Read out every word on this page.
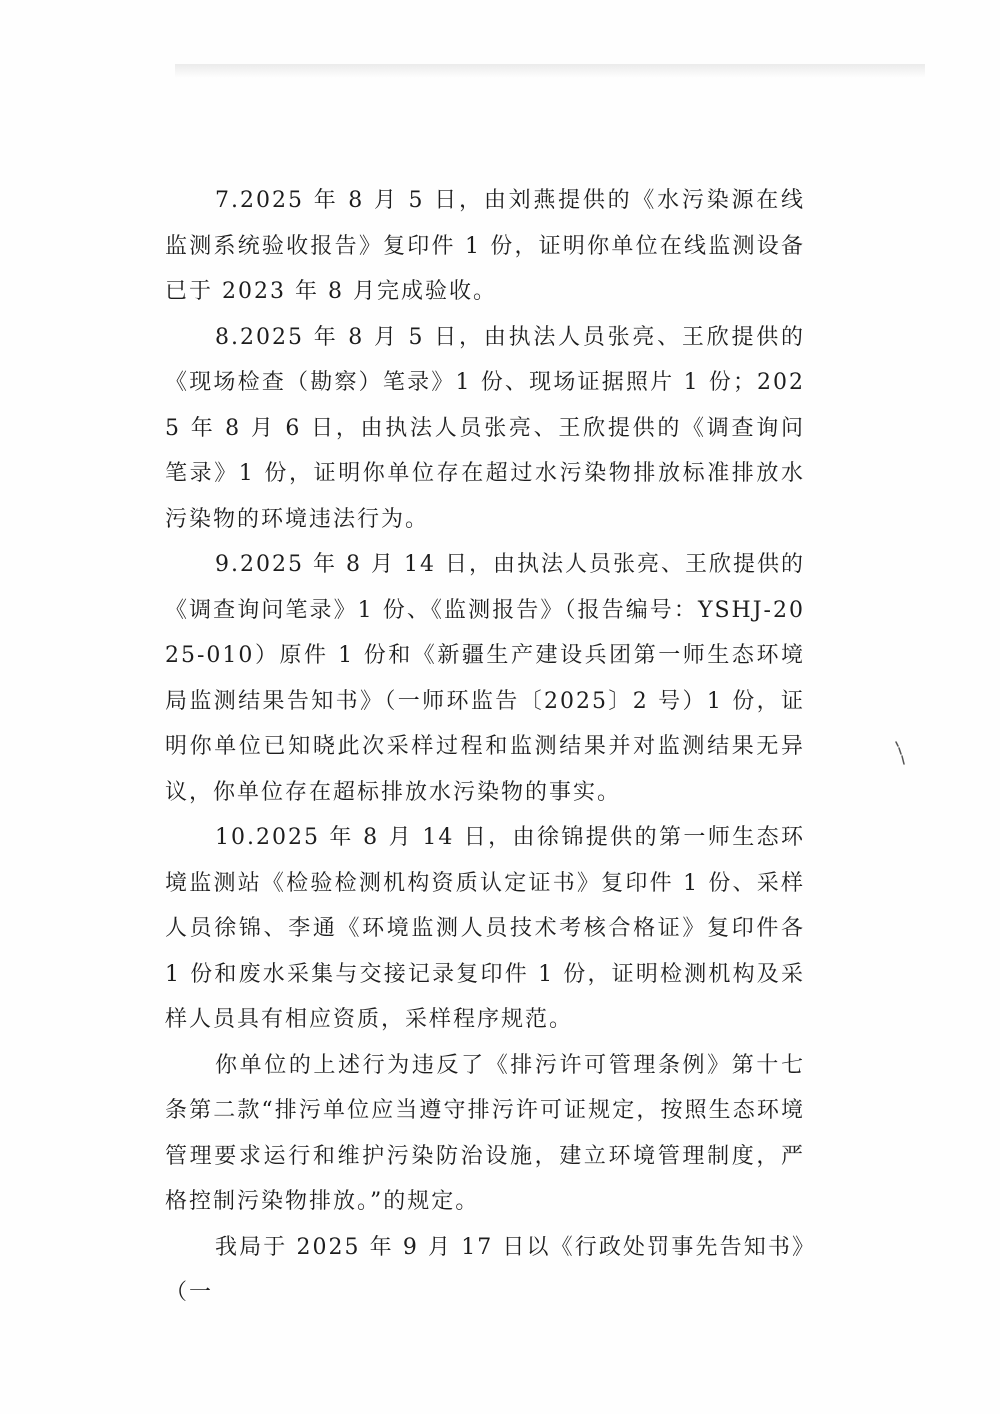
7.2025 年 8 月 5 日，由刘燕提供的《水污染源在线监测系统验收报告》复印件 1 份，证明你单位在线监测设备已于 2023 年 8 月完成验收。

8.2025 年 8 月 5 日，由执法人员张亮、王欣提供的《现场检查（勘察）笔录》1 份、现场证据照片 1 份；2025 年 8 月 6 日，由执法人员张亮、王欣提供的《调查询问笔录》1 份，证明你单位存在超过水污染物排放标准排放水污染物的环境违法行为。

9.2025 年 8 月 14 日，由执法人员张亮、王欣提供的《调查询问笔录》1 份、《监测报告》（报告编号：YSHJ-2025-010）原件 1 份和《新疆生产建设兵团第一师生态环境局监测结果告知书》（一师环监告〔2025〕2 号）1 份，证明你单位已知晓此次采样过程和监测结果并对监测结果无异议，你单位存在超标排放水污染物的事实。

10.2025 年 8 月 14 日，由徐锦提供的第一师生态环境监测站《检验检测机构资质认定证书》复印件 1 份、采样人员徐锦、李通《环境监测人员技术考核合格证》复印件各 1 份和废水采集与交接记录复印件 1 份，证明检测机构及采样人员具有相应资质，采样程序规范。

你单位的上述行为违反了《排污许可管理条例》第十七条第二款“排污单位应当遵守排污许可证规定，按照生态环境管理要求运行和维护污染防治设施，建立环境管理制度，严格控制污染物排放。”的规定。

我局于 2025 年 9 月 17 日以《行政处罚事先告知书》（一
